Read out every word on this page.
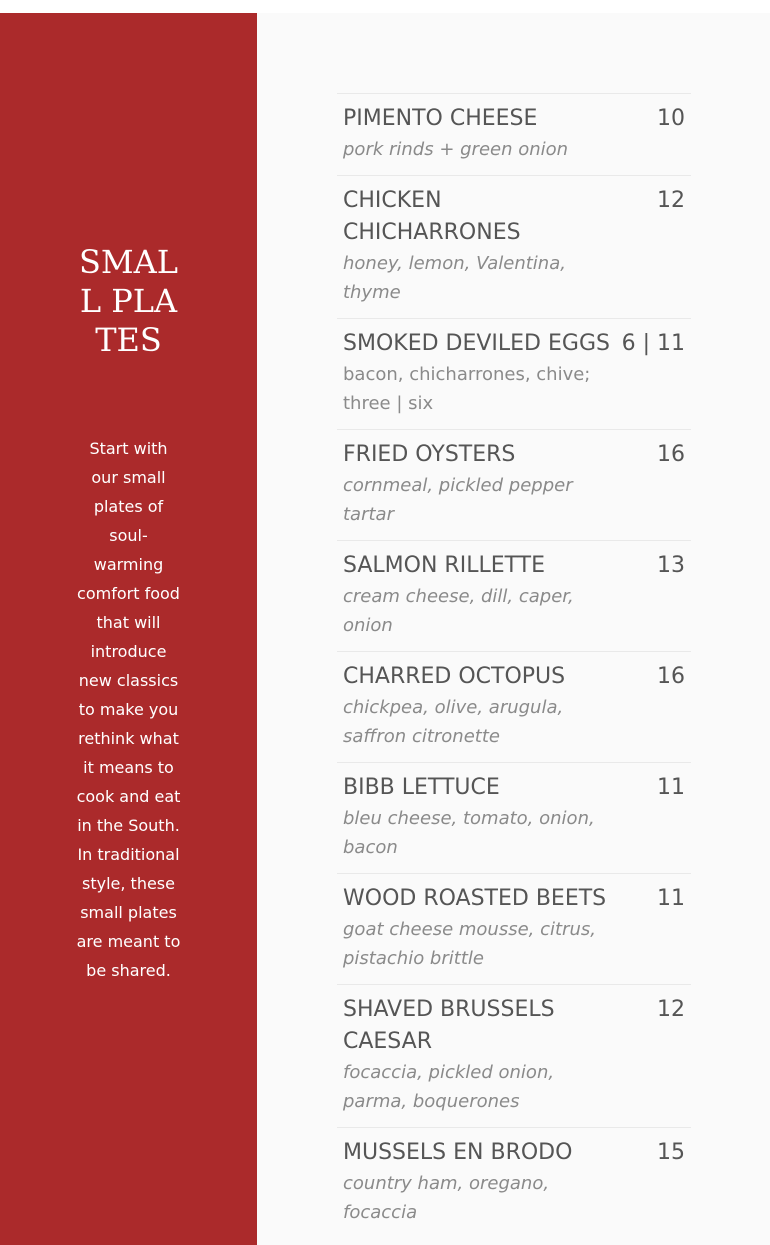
SMALL PLATES

Start with our small plates of soul-warming comfort food that will introduce new classics to make you rethink what it means to cook and eat in the South. In traditional style, these small plates are meant to be shared.

PIMENTO CHEESE	10
pork rinds + green onion
CHICKEN CHICHARRONES
12
honey, lemon, Valentina, thyme
SMOKED DEVILED EGGS 6 | 11
bacon, chicharrones, chive; three | six
FRIED OYSTERS	16
cornmeal, pickled pepper tartar
SALMON RILLETTE	13
cream cheese, dill, caper, onion
CHARRED OCTOPUS	16
chickpea, olive, arugula, saffron citronette
BIBB LETTUCE	11
bleu cheese, tomato, onion, bacon
WOOD ROASTED BEETS	11
goat cheese mousse, citrus, pistachio brittle
SHAVED BRUSSELS CAESAR
12
focaccia, pickled onion, parma, boquerones
MUSSELS EN BRODO	15
country ham, oregano, focaccia
